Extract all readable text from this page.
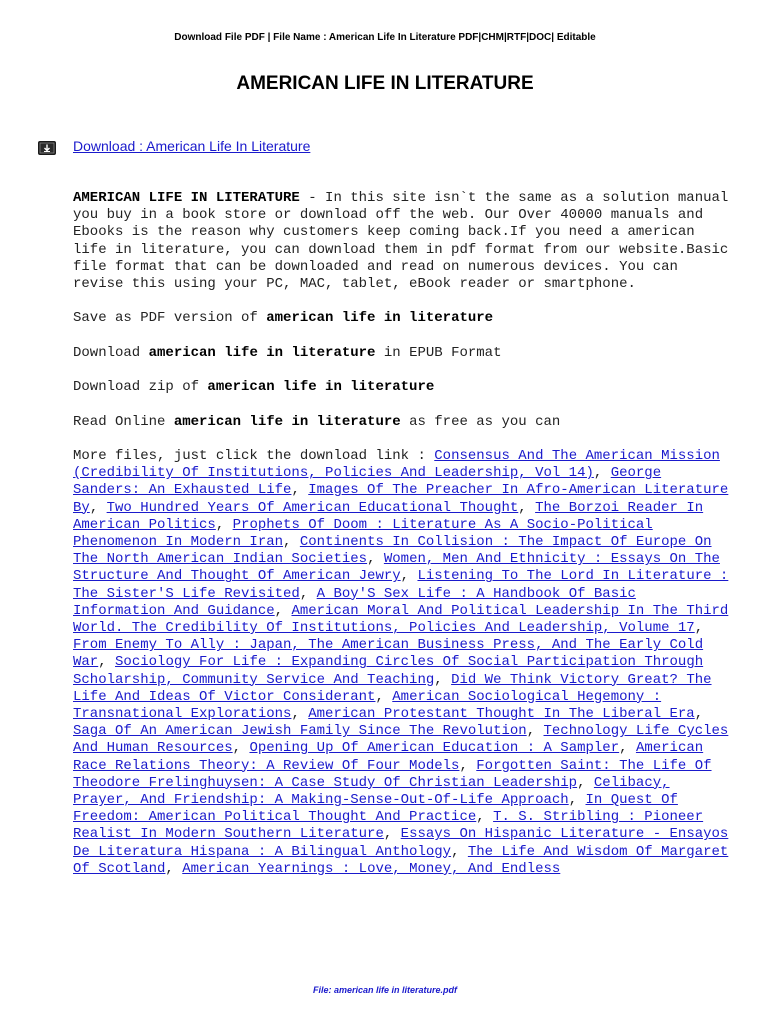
Download File PDF | File Name : American Life In Literature PDF|CHM|RTF|DOC| Editable
AMERICAN LIFE IN LITERATURE
Download : American Life In Literature

AMERICAN LIFE IN LITERATURE - In this site isn`t the same as a solution manual you buy in a book store or download off the web. Our Over 40000 manuals and Ebooks is the reason why customers keep coming back.If you need a american life in literature, you can download them in pdf format from our website.Basic file format that can be downloaded and read on numerous devices. You can revise this using your PC, MAC, tablet, eBook reader or smartphone.

Save as PDF version of american life in literature

Download american life in literature in EPUB Format

Download zip of american life in literature

Read Online american life in literature as free as you can

More files, just click the download link : Consensus And The American Mission (Credibility Of Institutions, Policies And Leadership, Vol 14), George Sanders: An Exhausted Life, Images Of The Preacher In Afro-American Literature By, Two Hundred Years Of American Educational Thought, The Borzoi Reader In American Politics, Prophets Of Doom : Literature As A Socio-Political Phenomenon In Modern Iran, Continents In Collision : The Impact Of Europe On The North American Indian Societies, Women, Men And Ethnicity : Essays On The Structure And Thought Of American Jewry, Listening To The Lord In Literature : The Sister'S Life Revisited, A Boy'S Sex Life : A Handbook Of Basic Information And Guidance, American Moral And Political Leadership In The Third World. The Credibility Of Institutions, Policies And Leadership, Volume 17, From Enemy To Ally : Japan, The American Business Press, And The Early Cold War, Sociology For Life : Expanding Circles Of Social Participation Through Scholarship, Community Service And Teaching, Did We Think Victory Great? The Life And Ideas Of Victor Considerant, American Sociological Hegemony : Transnational Explorations, American Protestant Thought In The Liberal Era, Saga Of An American Jewish Family Since The Revolution, Technology Life Cycles And Human Resources, Opening Up Of American Education : A Sampler, American Race Relations Theory: A Review Of Four Models, Forgotten Saint: The Life Of Theodore Frelinghuysen: A Case Study Of Christian Leadership, Celibacy, Prayer, And Friendship: A Making-Sense-Out-Of-Life Approach, In Quest Of Freedom: American Political Thought And Practice, T. S. Stribling : Pioneer Realist In Modern Southern Literature, Essays On Hispanic Literature - Ensayos De Literatura Hispana : A Bilingual Anthology, The Life And Wisdom Of Margaret Of Scotland, American Yearnings : Love, Money, And Endless

File: american life in literature.pdf
